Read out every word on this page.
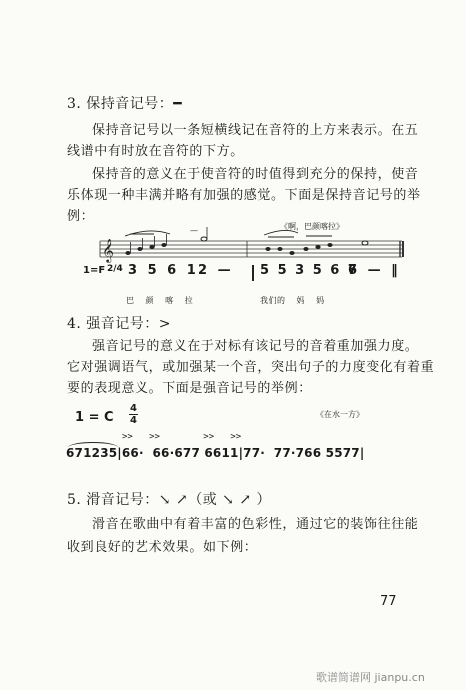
3. 保持音记号：━
保持音记号以一条短横线记在音符的上方来表示。在五
线谱中有时放在音符的下方。
保持音的意义在于使音符的时值得到充分的保持，使音
乐体现一种丰满并略有加强的感觉。下面是保持音记号的举
例：
𝄞
—	《啊，巴颜喀拉》
1=F 2/4 3 5 6 1 2 — 5 5 3 5 6 7
6 — ‖
巴 颜 喀 拉	我们的 妈 妈
4. 强音记号：>
强音记号的意义在于对标有该记号的音着重加强力度。
它对强调语气，或加强某一个音，突出句子的力度变化有着重
要的表现意义。下面是强音记号的举例：
1 = C
4
4
《在水一方》
>>   >>        >>   >>
671235|66·  66·677 6611|77·  77·766 5577|
5. 滑音记号：↘ ↗（或 ↘ ↗ ）
滑音在歌曲中有着丰富的色彩性，通过它的装饰往往能
收到良好的艺术效果。如下例：
77
歌谱简谱网 jianpu.cn
